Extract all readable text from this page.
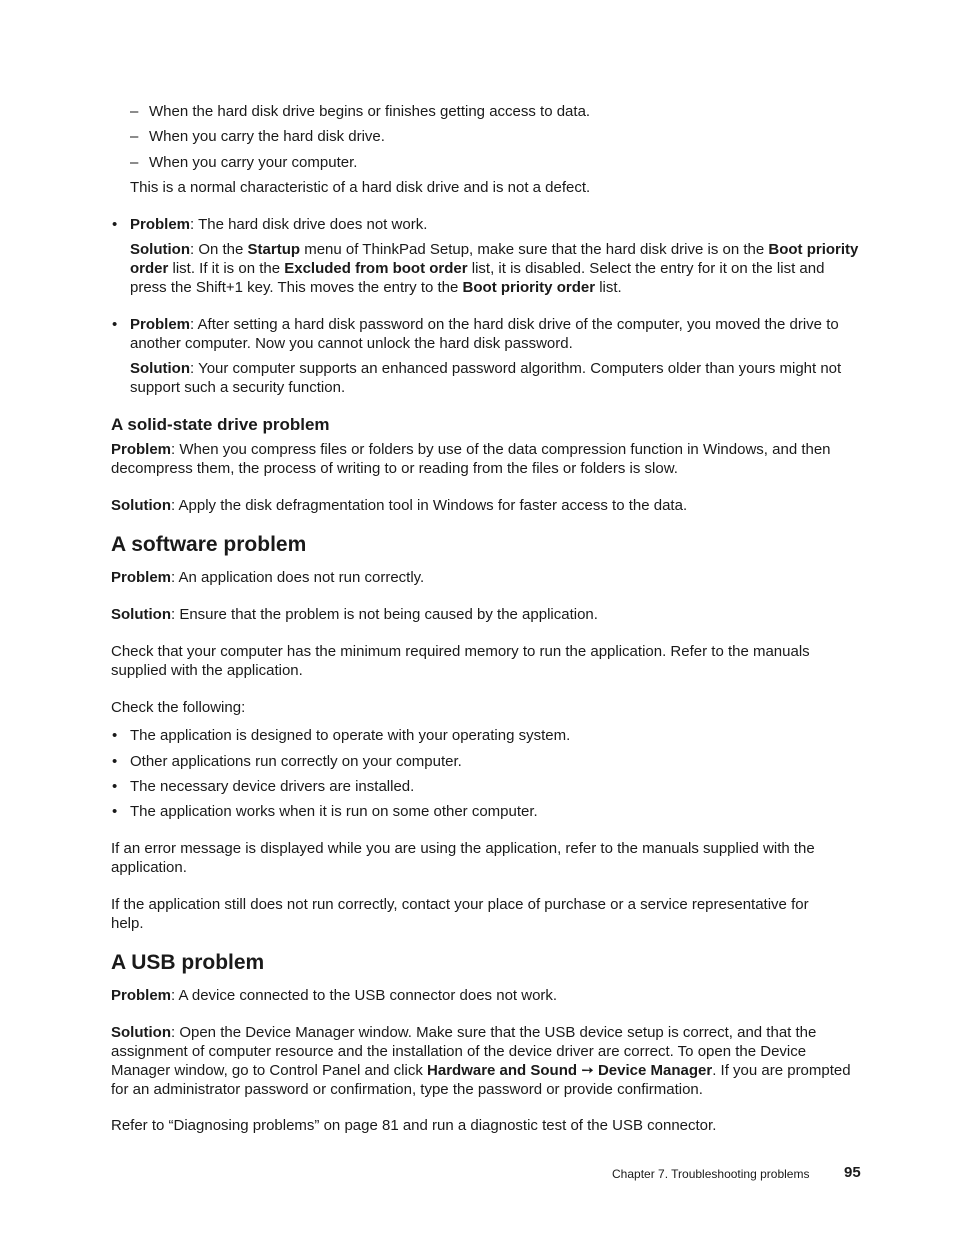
– When the hard disk drive begins or finishes getting access to data.
– When you carry the hard disk drive.
– When you carry your computer.

This is a normal characteristic of a hard disk drive and is not a defect.

• Problem: The hard disk drive does not work.

Solution: On the Startup menu of ThinkPad Setup, make sure that the hard disk drive is on the Boot priority order list. If it is on the Excluded from boot order list, it is disabled. Select the entry for it on the list and press the Shift+1 key. This moves the entry to the Boot priority order list.

• Problem: After setting a hard disk password on the hard disk drive of the computer, you moved the drive to another computer. Now you cannot unlock the hard disk password.

Solution: Your computer supports an enhanced password algorithm. Computers older than yours might not support such a security function.

A solid-state drive problem

Problem: When you compress files or folders by use of the data compression function in Windows, and then decompress them, the process of writing to or reading from the files or folders is slow.

Solution: Apply the disk defragmentation tool in Windows for faster access to the data.

A software problem

Problem: An application does not run correctly.

Solution: Ensure that the problem is not being caused by the application.

Check that your computer has the minimum required memory to run the application. Refer to the manuals supplied with the application.

Check the following:

• The application is designed to operate with your operating system.

• Other applications run correctly on your computer.

• The necessary device drivers are installed.

• The application works when it is run on some other computer.

If an error message is displayed while you are using the application, refer to the manuals supplied with the application.

If the application still does not run correctly, contact your place of purchase or a service representative for help.

A USB problem

Problem: A device connected to the USB connector does not work.

Solution: Open the Device Manager window. Make sure that the USB device setup is correct, and that the assignment of computer resource and the installation of the device driver are correct. To open the Device Manager window, go to Control Panel and click Hardware and Sound ➙ Device Manager. If you are prompted for an administrator password or confirmation, type the password or provide confirmation.

Refer to “Diagnosing problems” on page 81 and run a diagnostic test of the USB connector.

Chapter 7. Troubleshooting problems 95
